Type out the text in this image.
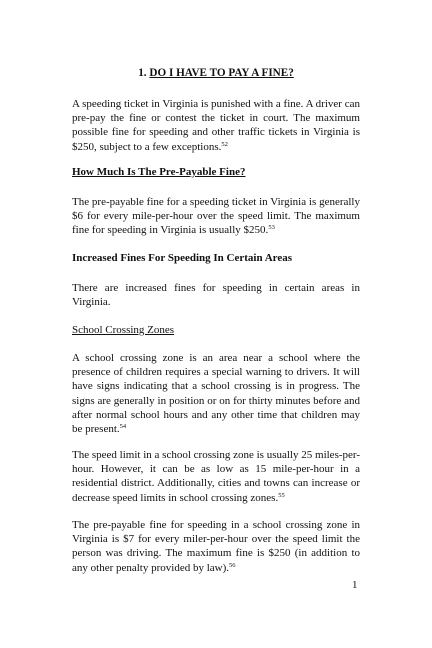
1. DO I HAVE TO PAY A FINE?

A speeding ticket in Virginia is punished with a fine. A driver can pre-pay the fine or contest the ticket in court. The maximum possible fine for speeding and other traffic tickets in Virginia is $250, subject to a few exceptions.$^{52}$

How Much Is The Pre-Payable Fine?

The pre-payable fine for a speeding ticket in Virginia is generally $6 for every mile-per-hour over the speed limit. The maximum fine for speeding in Virginia is usually $250.53

Increased Fines For Speeding In Certain Areas

There are increased fines for speeding in certain areas in Virginia.

School Crossing Zones

A school crossing zone is an area near a school where the presence of children requires a special warning to drivers. It will have signs indicating that a school crossing is in progress. The signs are generally in position or on for thirty minutes before and after normal school hours and any other time that children may be present.$^{54}$

The speed limit in a school crossing zone is usually 25 miles-per-hour. However, it can be as low as 15 mile-per-hour in a residential district. Additionally, cities and towns can increase or decrease speed limits in school crossing zones.$^{55}$

The pre-payable fine for speeding in a school crossing zone in Virginia is $7 for every miler-per-hour over the speed limit the person was driving. The maximum fine is $250 (in addition to any other penalty provided by law).$^{56}$

1
